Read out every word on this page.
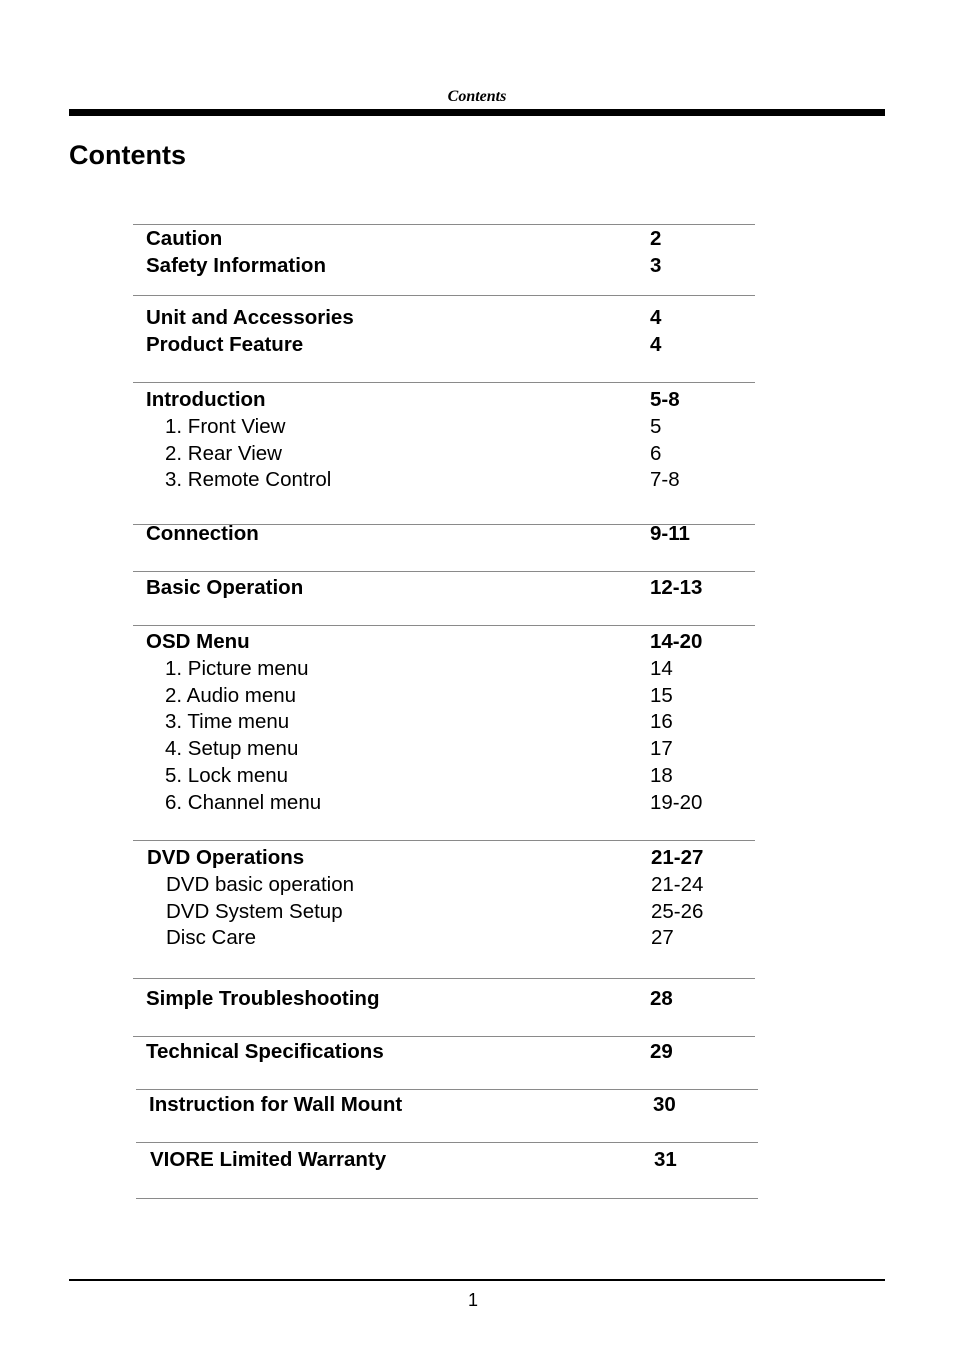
Contents
Contents
Caution	2
Safety Information	3
Unit and Accessories	4
Product Feature	4
Introduction	5-8
1. Front View	5
2. Rear View	6
3. Remote Control	7-8
Connection	9-11
Basic Operation	12-13
OSD Menu	14-20
1. Picture menu	14
2. Audio menu	15
3. Time menu	16
4. Setup menu	17
5. Lock menu	18
6. Channel menu	19-20
DVD Operations	21-27
DVD basic operation	21-24
DVD System Setup	25-26
Disc Care	27
Simple Troubleshooting	28
Technical Specifications	29
Instruction for Wall Mount	30
VIORE Limited Warranty	31
1
